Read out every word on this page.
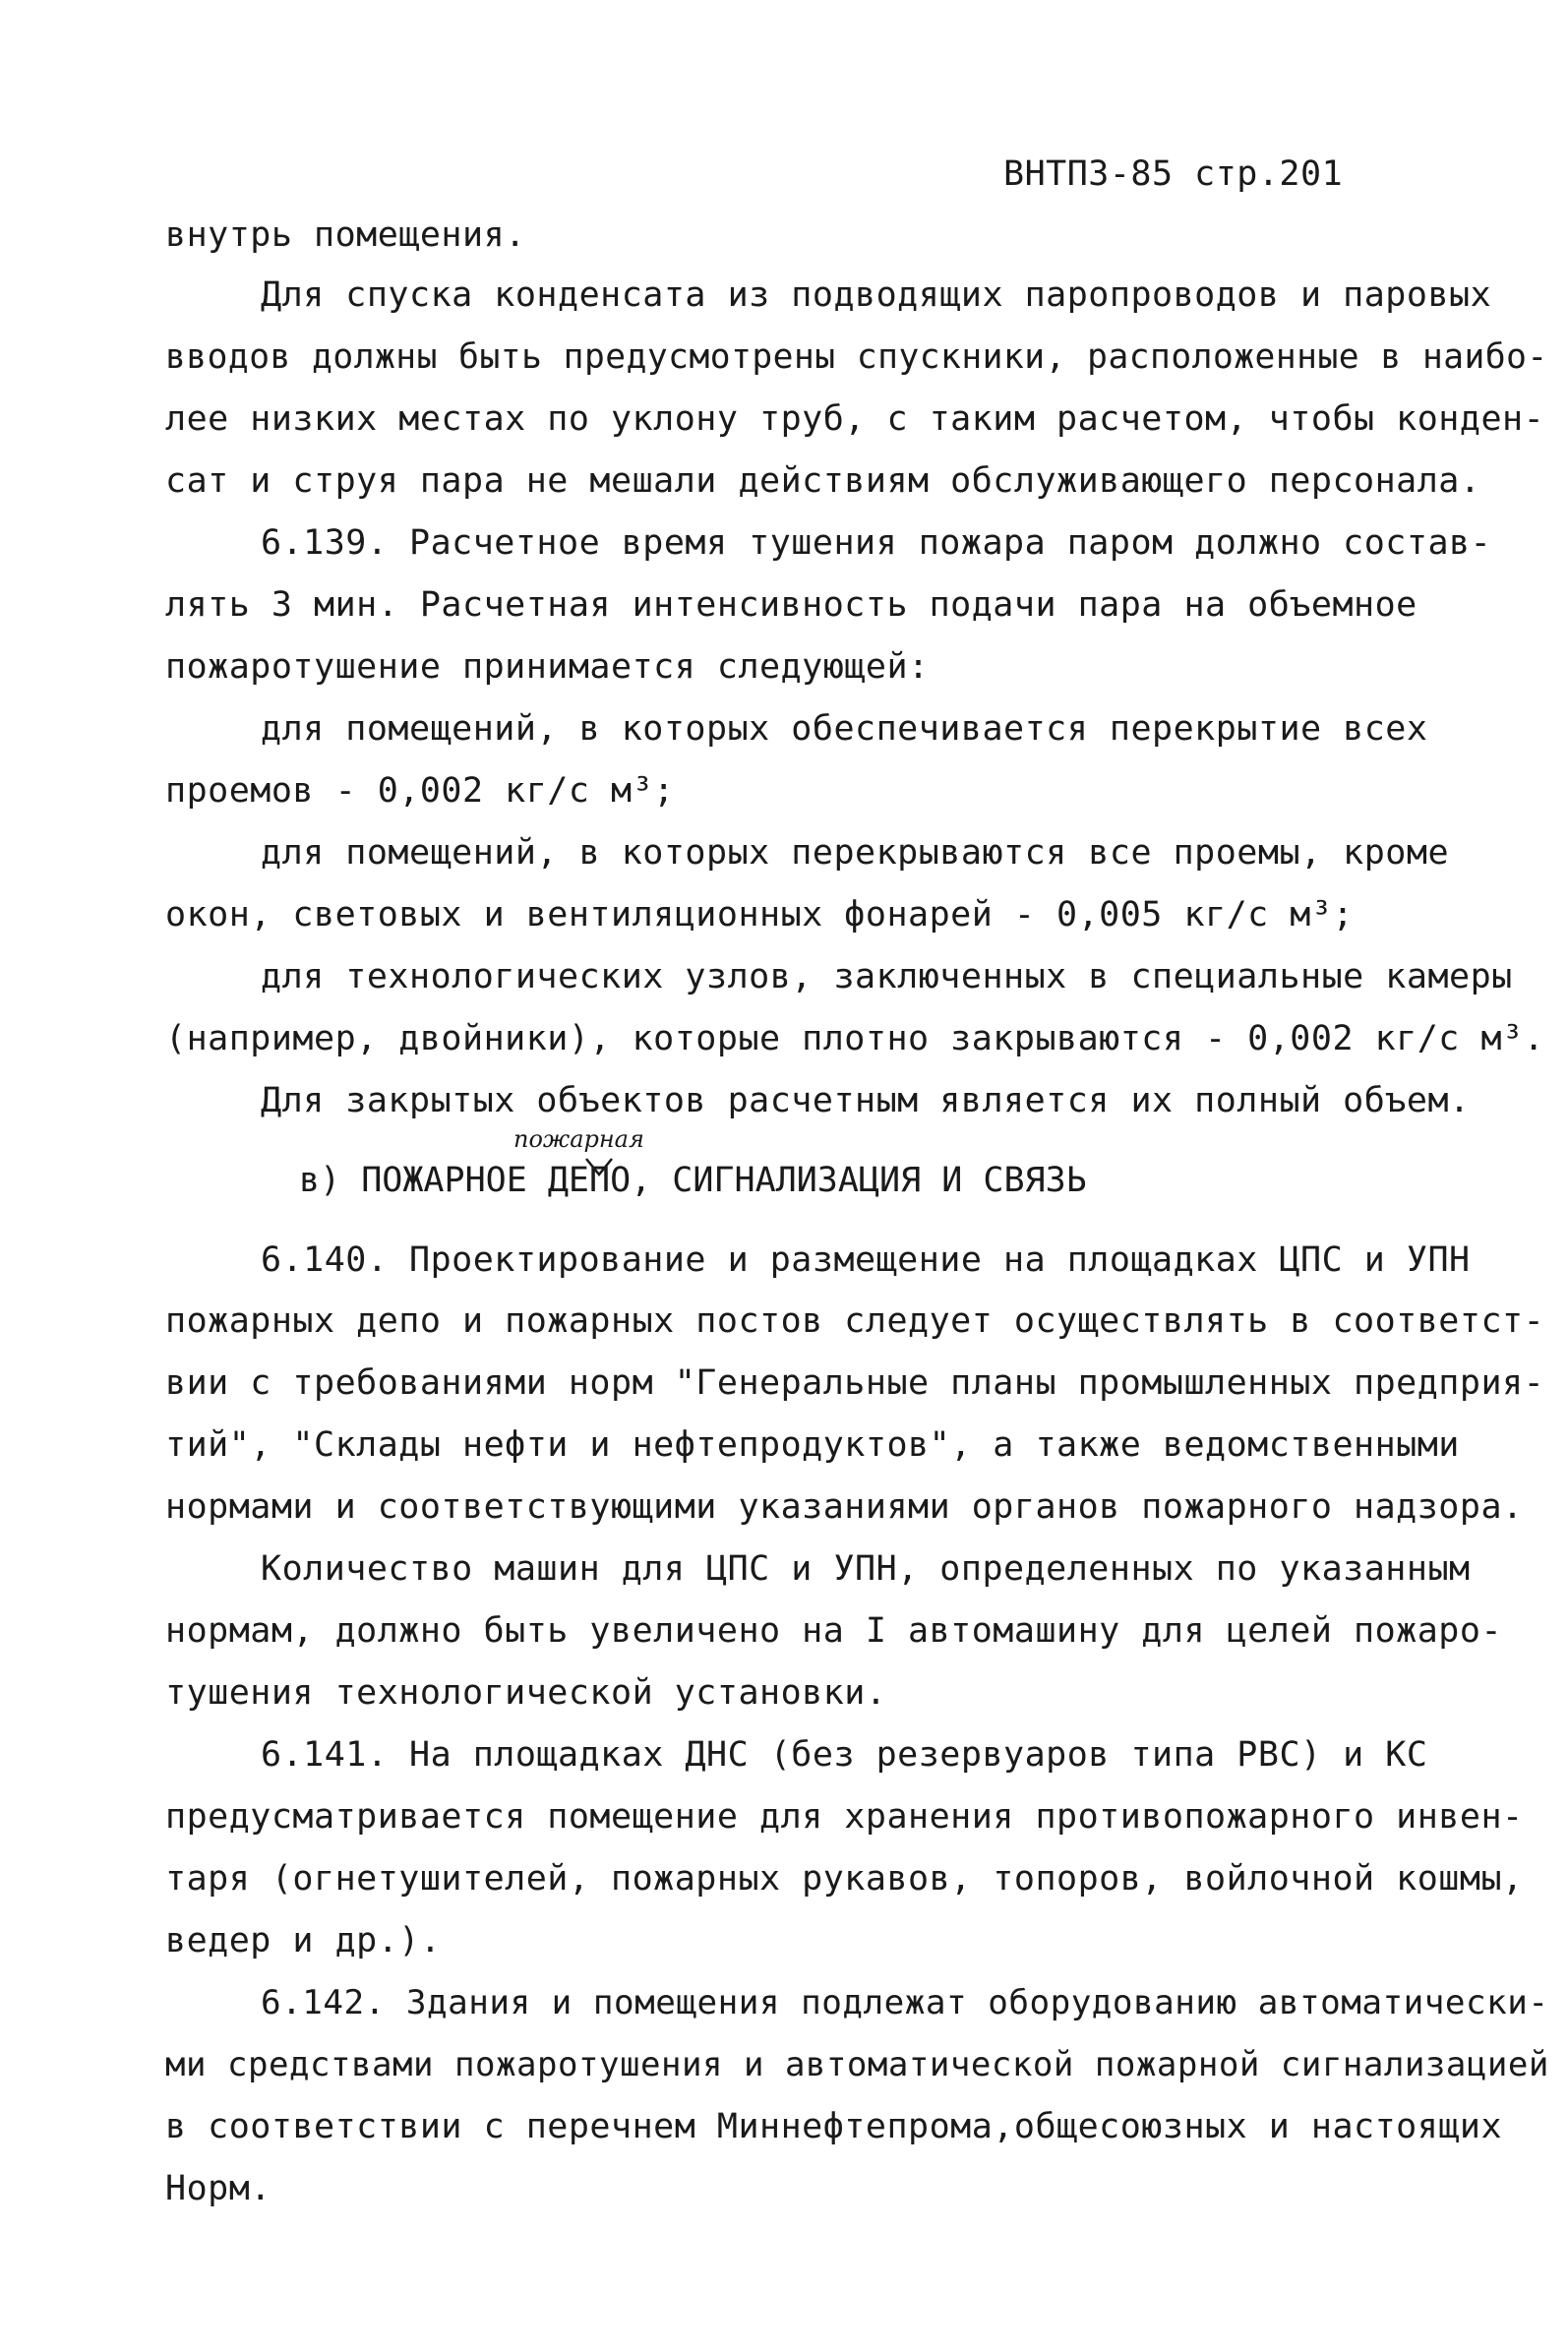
ВНТПЗ-85 стр.201
внутрь помещения.
Для спуска конденсата из подводящих паропроводов и паровых
вводов должны быть предусмотрены спускники, расположенные в наибо-
лее низких местах по уклону труб, с таким расчетом, чтобы конден-
сат и струя пара не мешали действиям обслуживающего персонала.
6.139. Расчетное время тушения пожара паром должно состав-
лять 3 мин. Расчетная интенсивность подачи пара на объемное
пожаротушение принимается следующей:
для помещений, в которых обеспечивается перекрытие всех
проемов - 0,002 кг/с м³;
для помещений, в которых перекрываются все проемы, кроме
окон, световых и вентиляционных фонарей - 0,005 кг/с м³;
для технологических узлов, заключенных в специальные камеры
(например, двойники), которые плотно закрываются - 0,002 кг/с м³.
Для закрытых объектов расчетным является их полный объем.
пожарная
в) ПОЖАРНОЕ ДЕПО, СИГНАЛИЗАЦИЯ И СВЯЗЬ
6.140. Проектирование и размещение на площадках ЦПС и УПН
пожарных депо и пожарных постов следует осуществлять в соответст-
вии с требованиями норм "Генеральные планы промышленных предприя-
тий", "Склады нефти и нефтепродуктов", а также ведомственными
нормами и соответствующими указаниями органов пожарного надзора.
Количество машин для ЦПС и УПН, определенных по указанным
нормам, должно быть увеличено на I автомашину для целей пожаро-
тушения технологической установки.
6.141. На площадках ДНС (без резервуаров типа РВС) и КС
предусматривается помещение для хранения противопожарного инвен-
таря (огнетушителей, пожарных рукавов, топоров, войлочной кошмы,
ведер и др.).
6.142. Здания и помещения подлежат оборудованию автоматически-
ми средствами пожаротушения и автоматической пожарной сигнализацией
в соответствии с перечнем Миннефтепрома,общесоюзных и настоящих
Норм.
